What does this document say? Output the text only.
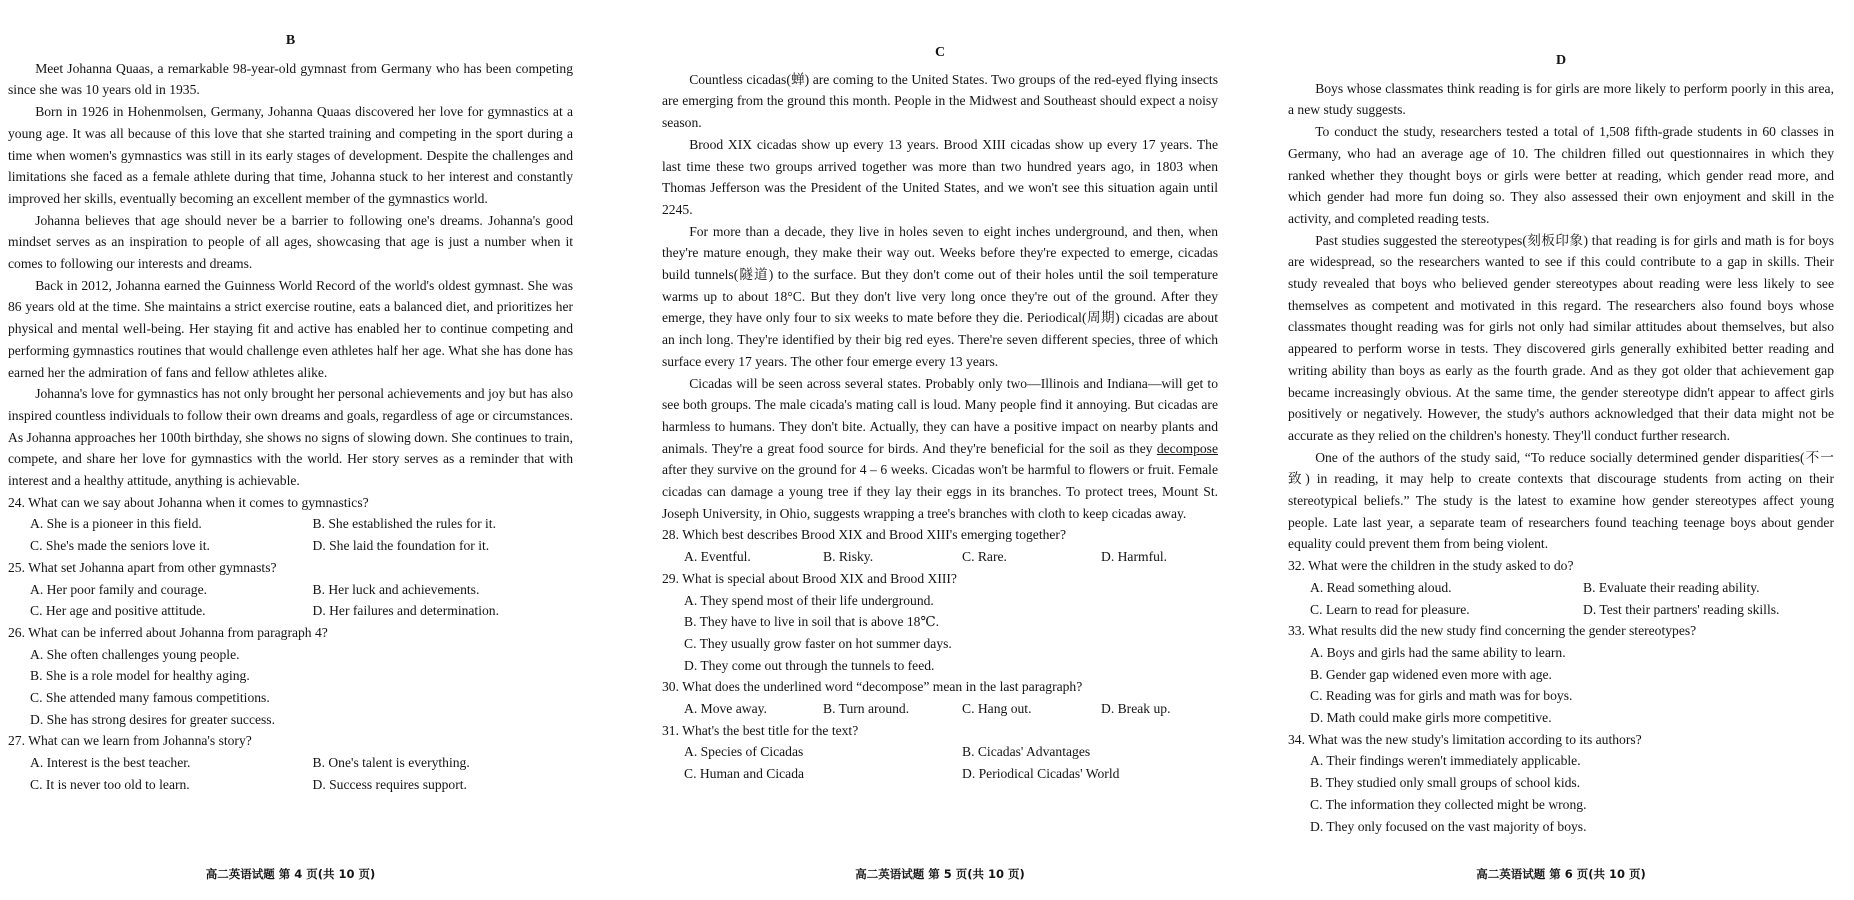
B

Meet Johanna Quaas, a remarkable 98-year-old gymnast from Germany who has been competing since she was 10 years old in 1935.

Born in 1926 in Hohenmolsen, Germany, Johanna Quaas discovered her love for gymnastics at a young age. It was all because of this love that she started training and competing in the sport during a time when women's gymnastics was still in its early stages of development. Despite the challenges and limitations she faced as a female athlete during that time, Johanna stuck to her interest and constantly improved her skills, eventually becoming an excellent member of the gymnastics world.

Johanna believes that age should never be a barrier to following one's dreams. Johanna's good mindset serves as an inspiration to people of all ages, showcasing that age is just a number when it comes to following our interests and dreams.

Back in 2012, Johanna earned the Guinness World Record of the world's oldest gymnast. She was 86 years old at the time. She maintains a strict exercise routine, eats a balanced diet, and prioritizes her physical and mental well-being. Her staying fit and active has enabled her to continue competing and performing gymnastics routines that would challenge even athletes half her age. What she has done has earned her the admiration of fans and fellow athletes alike.

Johanna's love for gymnastics has not only brought her personal achievements and joy but has also inspired countless individuals to follow their own dreams and goals, regardless of age or circumstances. As Johanna approaches her 100th birthday, she shows no signs of slowing down. She continues to train, compete, and share her love for gymnastics with the world. Her story serves as a reminder that with interest and a healthy attitude, anything is achievable.

24. What can we say about Johanna when it comes to gymnastics?
A. She is a pioneer in this field.	B. She established the rules for it.
C. She's made the seniors love it.	D. She laid the foundation for it.
25. What set Johanna apart from other gymnasts?
A. Her poor family and courage.	B. Her luck and achievements.
C. Her age and positive attitude.	D. Her failures and determination.
26. What can be inferred about Johanna from paragraph 4?
A. She often challenges young people.
B. She is a role model for healthy aging.
C. She attended many famous competitions.
D. She has strong desires for greater success.
27. What can we learn from Johanna's story?
A. Interest is the best teacher.	B. One's talent is everything.
C. It is never too old to learn.	D. Success requires support.
高二英语试题 第 4 页(共 10 页)
C

Countless cicadas(蝉) are coming to the United States. Two groups of the red-eyed flying insects are emerging from the ground this month. People in the Midwest and Southeast should expect a noisy season.

Brood XIX cicadas show up every 13 years. Brood XIII cicadas show up every 17 years. The last time these two groups arrived together was more than two hundred years ago, in 1803 when Thomas Jefferson was the President of the United States, and we won't see this situation again until 2245.

For more than a decade, they live in holes seven to eight inches underground, and then, when they're mature enough, they make their way out. Weeks before they're expected to emerge, cicadas build tunnels(隧道) to the surface. But they don't come out of their holes until the soil temperature warms up to about 18°C. But they don't live very long once they're out of the ground. After they emerge, they have only four to six weeks to mate before they die. Periodical(周期) cicadas are about an inch long. They're identified by their big red eyes. There're seven different species, three of which surface every 17 years. The other four emerge every 13 years.

Cicadas will be seen across several states. Probably only two—Illinois and Indiana—will get to see both groups. The male cicada's mating call is loud. Many people find it annoying. But cicadas are harmless to humans. They don't bite. Actually, they can have a positive impact on nearby plants and animals. They're a great food source for birds. And they're beneficial for the soil as they decompose after they survive on the ground for 4 – 6 weeks. Cicadas won't be harmful to flowers or fruit. Female cicadas can damage a young tree if they lay their eggs in its branches. To protect trees, Mount St. Joseph University, in Ohio, suggests wrapping a tree's branches with cloth to keep cicadas away.

28. Which best describes Brood XIX and Brood XIII's emerging together?
A. Eventful.	B. Risky.	C. Rare.	D. Harmful.
29. What is special about Brood XIX and Brood XIII?
A. They spend most of their life underground.
B. They have to live in soil that is above 18℃.
C. They usually grow faster on hot summer days.
D. They come out through the tunnels to feed.
30. What does the underlined word “decompose” mean in the last paragraph?
A. Move away.	B. Turn around.	C. Hang out.	D. Break up.
31. What's the best title for the text?
A. Species of Cicadas	B. Cicadas' Advantages
C. Human and Cicada	D. Periodical Cicadas' World
高二英语试题 第 5 页(共 10 页)
D

Boys whose classmates think reading is for girls are more likely to perform poorly in this area, a new study suggests.

To conduct the study, researchers tested a total of 1,508 fifth-grade students in 60 classes in Germany, who had an average age of 10. The children filled out questionnaires in which they ranked whether they thought boys or girls were better at reading, which gender read more, and which gender had more fun doing so. They also assessed their own enjoyment and skill in the activity, and completed reading tests.

Past studies suggested the stereotypes(刻板印象) that reading is for girls and math is for boys are widespread, so the researchers wanted to see if this could contribute to a gap in skills. Their study revealed that boys who believed gender stereotypes about reading were less likely to see themselves as competent and motivated in this regard. The researchers also found boys whose classmates thought reading was for girls not only had similar attitudes about themselves, but also appeared to perform worse in tests. They discovered girls generally exhibited better reading and writing ability than boys as early as the fourth grade. And as they got older that achievement gap became increasingly obvious. At the same time, the gender stereotype didn't appear to affect girls positively or negatively. However, the study's authors acknowledged that their data might not be accurate as they relied on the children's honesty. They'll conduct further research.

One of the authors of the study said, “To reduce socially determined gender disparities(不一致) in reading, it may help to create contexts that discourage students from acting on their stereotypical beliefs.” The study is the latest to examine how gender stereotypes affect young people. Late last year, a separate team of researchers found teaching teenage boys about gender equality could prevent them from being violent.

32. What were the children in the study asked to do?
A. Read something aloud.	B. Evaluate their reading ability.
C. Learn to read for pleasure.	D. Test their partners' reading skills.
33. What results did the new study find concerning the gender stereotypes?
A. Boys and girls had the same ability to learn.
B. Gender gap widened even more with age.
C. Reading was for girls and math was for boys.
D. Math could make girls more competitive.
34. What was the new study's limitation according to its authors?
A. Their findings weren't immediately applicable.
B. They studied only small groups of school kids.
C. The information they collected might be wrong.
D. They only focused on the vast majority of boys.
高二英语试题 第 6 页(共 10 页)
